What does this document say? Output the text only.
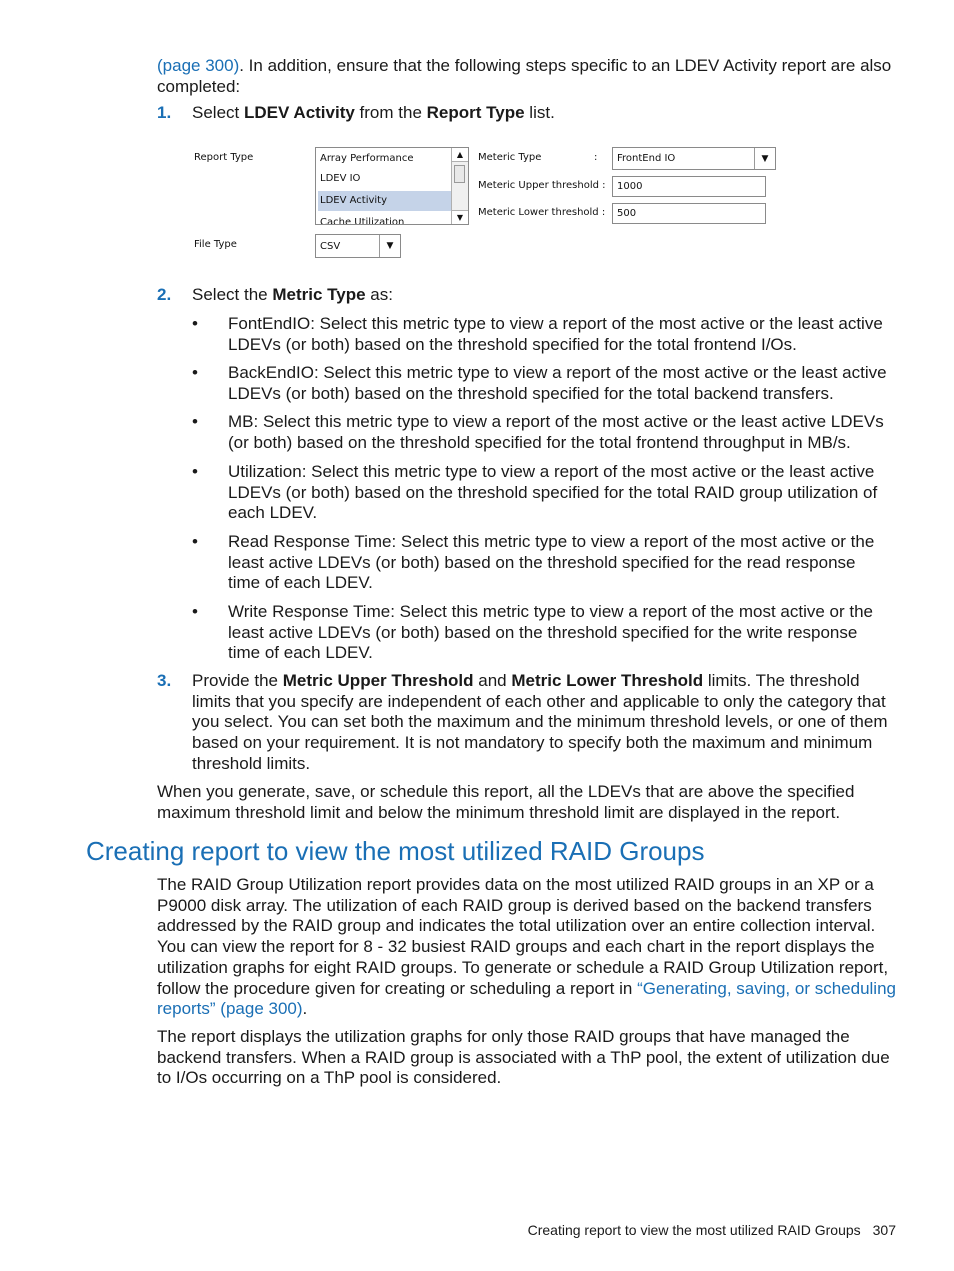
(page 300). In addition, ensure that the following steps specific to an LDEV Activity report are also completed:

1. Select LDEV Activity from the Report Type list.
Report Type	Array Performance
LDEV IO
LDEV Activity
Cache Utilization
▲
▼
File Type	CSV	▼
Meteric Type	: FrontEnd IO	▼
Meteric Upper threshold : 1000
Meteric Lower threshold : 500
2. Select the Metric Type as:
• FontEndIO: Select this metric type to view a report of the most active or the least active LDEVs (or both) based on the threshold specified for the total frontend I/Os.
• BackEndIO: Select this metric type to view a report of the most active or the least active LDEVs (or both) based on the threshold specified for the total backend transfers.
• MB: Select this metric type to view a report of the most active or the least active LDEVs (or both) based on the threshold specified for the total frontend throughput in MB/s.
• Utilization: Select this metric type to view a report of the most active or the least active LDEVs (or both) based on the threshold specified for the total RAID group utilization of each LDEV.
• Read Response Time: Select this metric type to view a report of the most active or the least active LDEVs (or both) based on the threshold specified for the read response time of each LDEV.
• Write Response Time: Select this metric type to view a report of the most active or the least active LDEVs (or both) based on the threshold specified for the write response time of each LDEV.
3. Provide the Metric Upper Threshold and Metric Lower Threshold limits. The threshold limits that you specify are independent of each other and applicable to only the category that you select. You can set both the maximum and the minimum threshold levels, or one of them based on your requirement. It is not mandatory to specify both the maximum and minimum threshold limits.

When you generate, save, or schedule this report, all the LDEVs that are above the specified maximum threshold limit and below the minimum threshold limit are displayed in the report.

Creating report to view the most utilized RAID Groups

The RAID Group Utilization report provides data on the most utilized RAID groups in an XP or a P9000 disk array. The utilization of each RAID group is derived based on the backend transfers addressed by the RAID group and indicates the total utilization over an entire collection interval. You can view the report for 8 - 32 busiest RAID groups and each chart in the report displays the utilization graphs for eight RAID groups. To generate or schedule a RAID Group Utilization report, follow the procedure given for creating or scheduling a report in “Generating, saving, or scheduling reports” (page 300).

The report displays the utilization graphs for only those RAID groups that have managed the backend transfers. When a RAID group is associated with a ThP pool, the extent of utilization due to I/Os occurring on a ThP pool is considered.

Creating report to view the most utilized RAID Groups 307
